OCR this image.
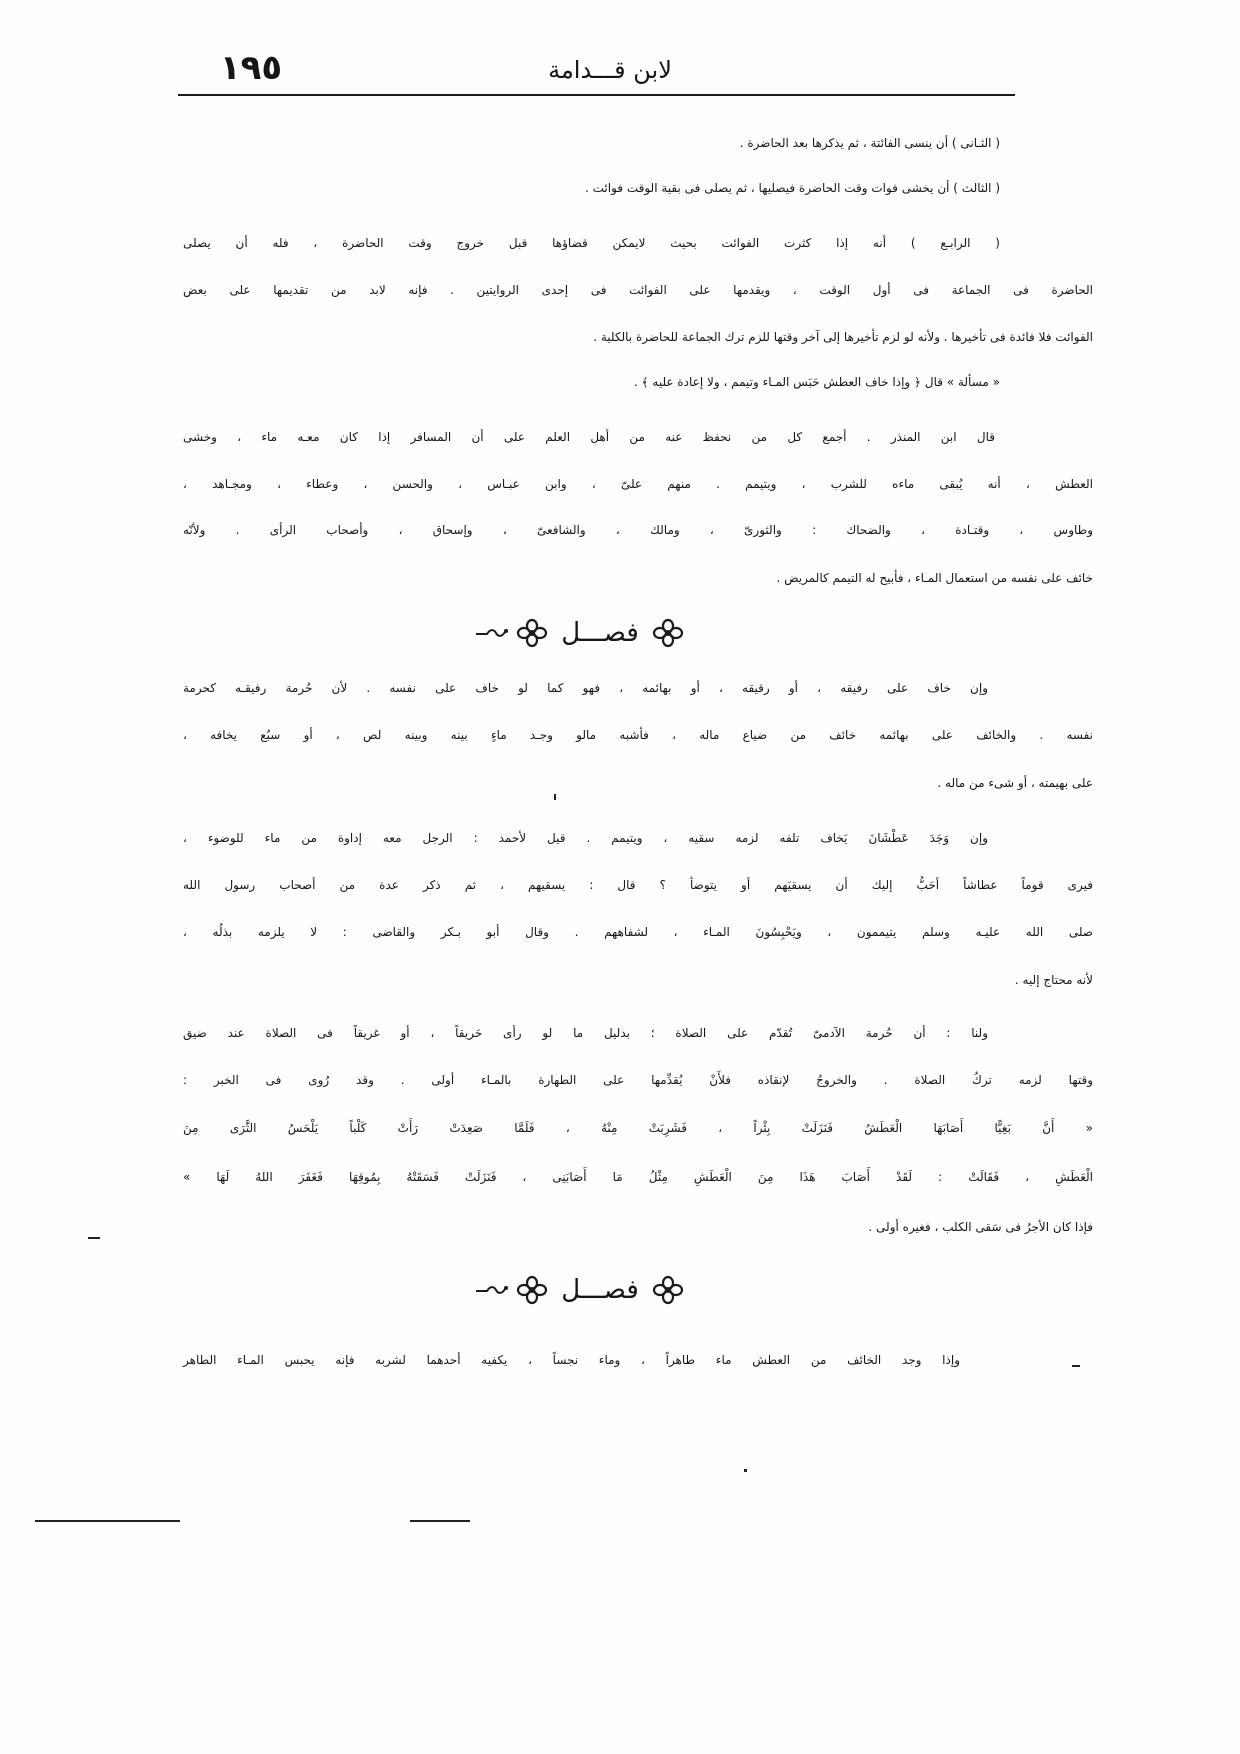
١٩٥	لابن قـــدامة
( الثـانى ) أن ينسى الفائتة ، ثم يذكرها بعد الحاضرة .
( الثالث ) أن يخشى فوات وقت الحاضرة فيصليها ، ثم يصلى فى بقية الوقت فوائت .
( الرابـع ) أنه إذا كثرت الفوائت بحيث لايمكن قضاؤها قبل خروج وقت الحاضرة ، فله أن يصلى
الحاضرة فى الجماعة فى أول الوقت ، ويقدمها على الفوائت فى إحدى الروايتين . فإنه لابد من تقديمها على بعض
الفوائت فلا فائدة فى تأخيرها . ولأنه لو لزم تأخيرها إلى آخر وقتها للزم ترك الجماعة للحاضرة بالكلية .
« مسألة » قال ﴿ وإذا خاف العطش حَبَس المـاء وتيمم ، ولا إعادة عليه ﴾ .
قال ابن المنذر . أجمع كل من نحفظ عنه من أهل العلم على أن المسافر إذا كان معـه ماء ، وخشى
العطش ، أنه يُبقى ماءه للشرب ، ويتيمم . منهم علىّ ، وابن عبـاس ، والحسن ، وعطاء ، ومجـاهد ،
وطاوس ، وقتـادة ، والضحاك : والثورىّ ، ومالك ، والشافعىّ ، وإسحاق ، وأصحاب الرأى . ولأنّه
خائف على نفسه من استعمال المـاء ، فأبيح له التيمم كالمريض .
فصـــل
وإن خاف على رفيقه ، أو رقيقه ، أو بهائمه ، فهو كما لو خاف على نفسه . لأن حُرمة رفيقـه كحرمة
نفسه . والخائف على بهائمه خائف من ضياع ماله ، فأشبه مالو وجـد ماءٍ بينه وبينه لص ، أو سبُع يخافه ،
على بهيمته ، أو شىء من ماله .
وإن وَجَدَ عَطْشَانَ يَخاف تلفه لزمه سقيه ، ويتيمم . قيل لأحمد : الرجل معه إداوة من ماء للوضوء ،
فيرى قوماً عطاشاً أحَبُّ إليك أن يسقيَهم أو يتوضأ ؟ قال : يسقيهم ، ثم ذكر عدة من أصحاب رسول الله
صلى الله عليـه وسلم يتيممون ، ويَحْبِسُونَ المـاء ، لشفاههم . وقال أبو بـكر والقاضى : لا يلزمه بذلُه ،
لأنه محتاج إليه .
ولنا : أن حُرمة الآدمىّ تُقدّم على الصلاة ؛ بدليل ما لو رأى حَريقاً ، أو غريقاً فى الصلاة عند ضيق
وقتها لزمه تركُ الصلاة . والخروجُ لإنقاذه فلأَنْ يُقدِّمها على الطهارة بالمـاء أولى . وقد رُوى فى الخبر :
« أَنَّ بَغِيًّا أَصَابَهَا الْعَطَشُ فَنَزَلَتْ بِئْراً ، فَشَرِبَتْ مِنْهُ ، فَلَمَّا صَعِدَتْ رَأَتْ كَلْباً يَلْحَسُ الثَّرَى مِنَ
الْعَطَشِ ، فَقَالَتْ : لَقَدْ أَصَابَ هَذَا مِنَ الْعَطَشِ مِثْلُ مَا أَصَابَنِى ، فَنَزَلَتْ فَسَقَتْهُ بِمُوقِهَا فَغَفَرَ اللهُ لَهَا »
فإذا كان الأجرُ فى سَقى الكلب ، فغيره أولى .
فصـــل
وإذا وجد الخائف من العطش ماء طاهراً ، وماء نجساً ، يكفيه أحدهما لشربه فإنه يحبس المـاء الطاهر
